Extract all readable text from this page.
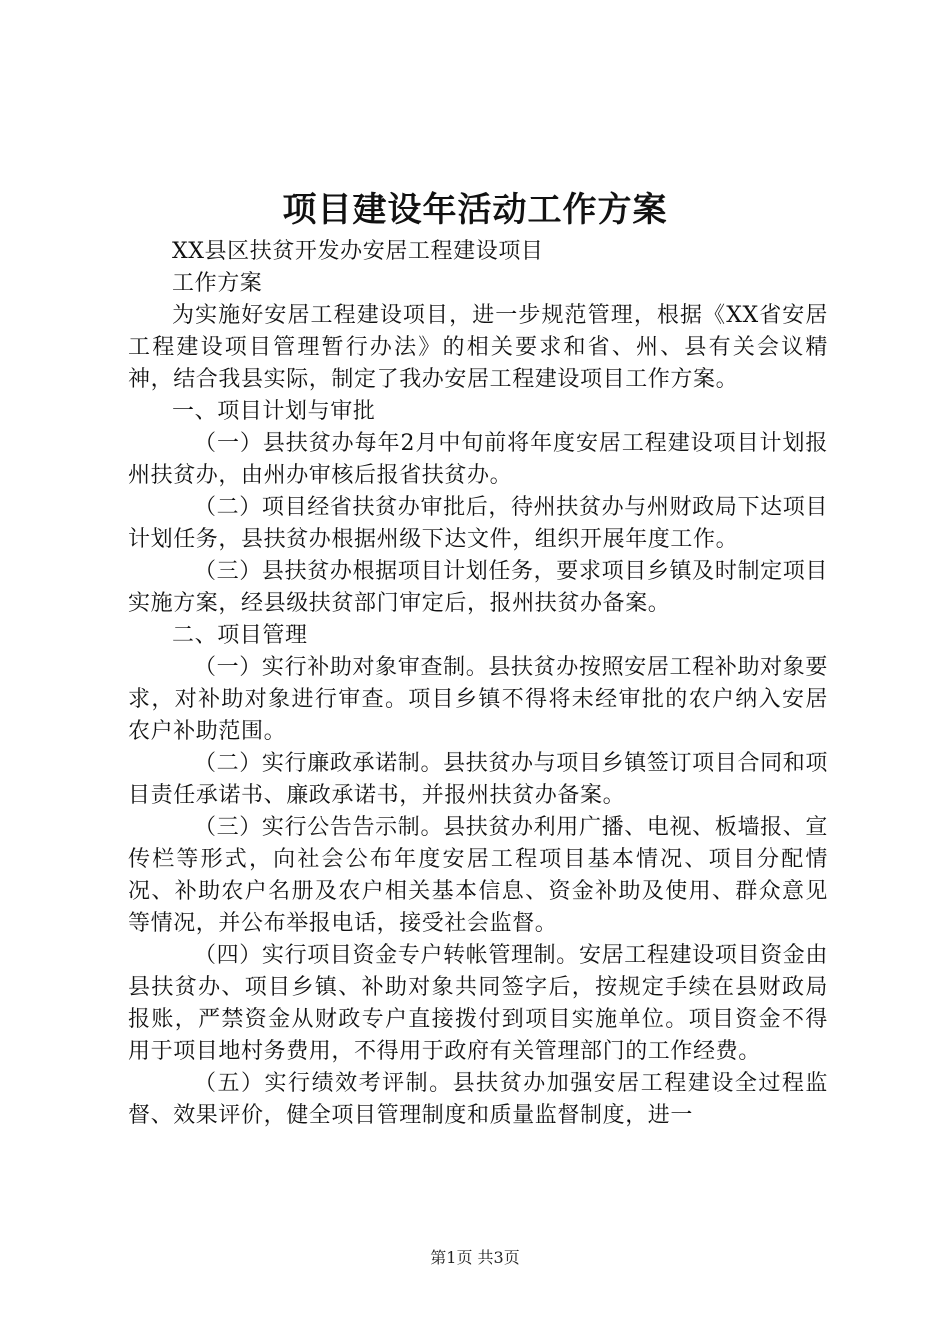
项目建设年活动工作方案

XX县区扶贫开发办安居工程建设项目

工作方案

为实施好安居工程建设项目，进一步规范管理，根据《XX省安居工程建设项目管理暂行办法》的相关要求和省、州、县有关会议精神，结合我县实际，制定了我办安居工程建设项目工作方案。

一、项目计划与审批

（一）县扶贫办每年2月中旬前将年度安居工程建设项目计划报州扶贫办，由州办审核后报省扶贫办。

（二）项目经省扶贫办审批后，待州扶贫办与州财政局下达项目计划任务，县扶贫办根据州级下达文件，组织开展年度工作。

（三）县扶贫办根据项目计划任务，要求项目乡镇及时制定项目实施方案，经县级扶贫部门审定后，报州扶贫办备案。

二、项目管理

（一）实行补助对象审查制。县扶贫办按照安居工程补助对象要求，对补助对象进行审查。项目乡镇不得将未经审批的农户纳入安居农户补助范围。

（二）实行廉政承诺制。县扶贫办与项目乡镇签订项目合同和项目责任承诺书、廉政承诺书，并报州扶贫办备案。

（三）实行公告告示制。县扶贫办利用广播、电视、板墙报、宣传栏等形式，向社会公布年度安居工程项目基本情况、项目分配情况、补助农户名册及农户相关基本信息、资金补助及使用、群众意见等情况，并公布举报电话，接受社会监督。

（四）实行项目资金专户转帐管理制。安居工程建设项目资金由县扶贫办、项目乡镇、补助对象共同签字后，按规定手续在县财政局报账，严禁资金从财政专户直接拨付到项目实施单位。项目资金不得用于项目地村务费用，不得用于政府有关管理部门的工作经费。

（五）实行绩效考评制。县扶贫办加强安居工程建设全过程监督、效果评价，健全项目管理制度和质量监督制度，进一

第1页 共3页
